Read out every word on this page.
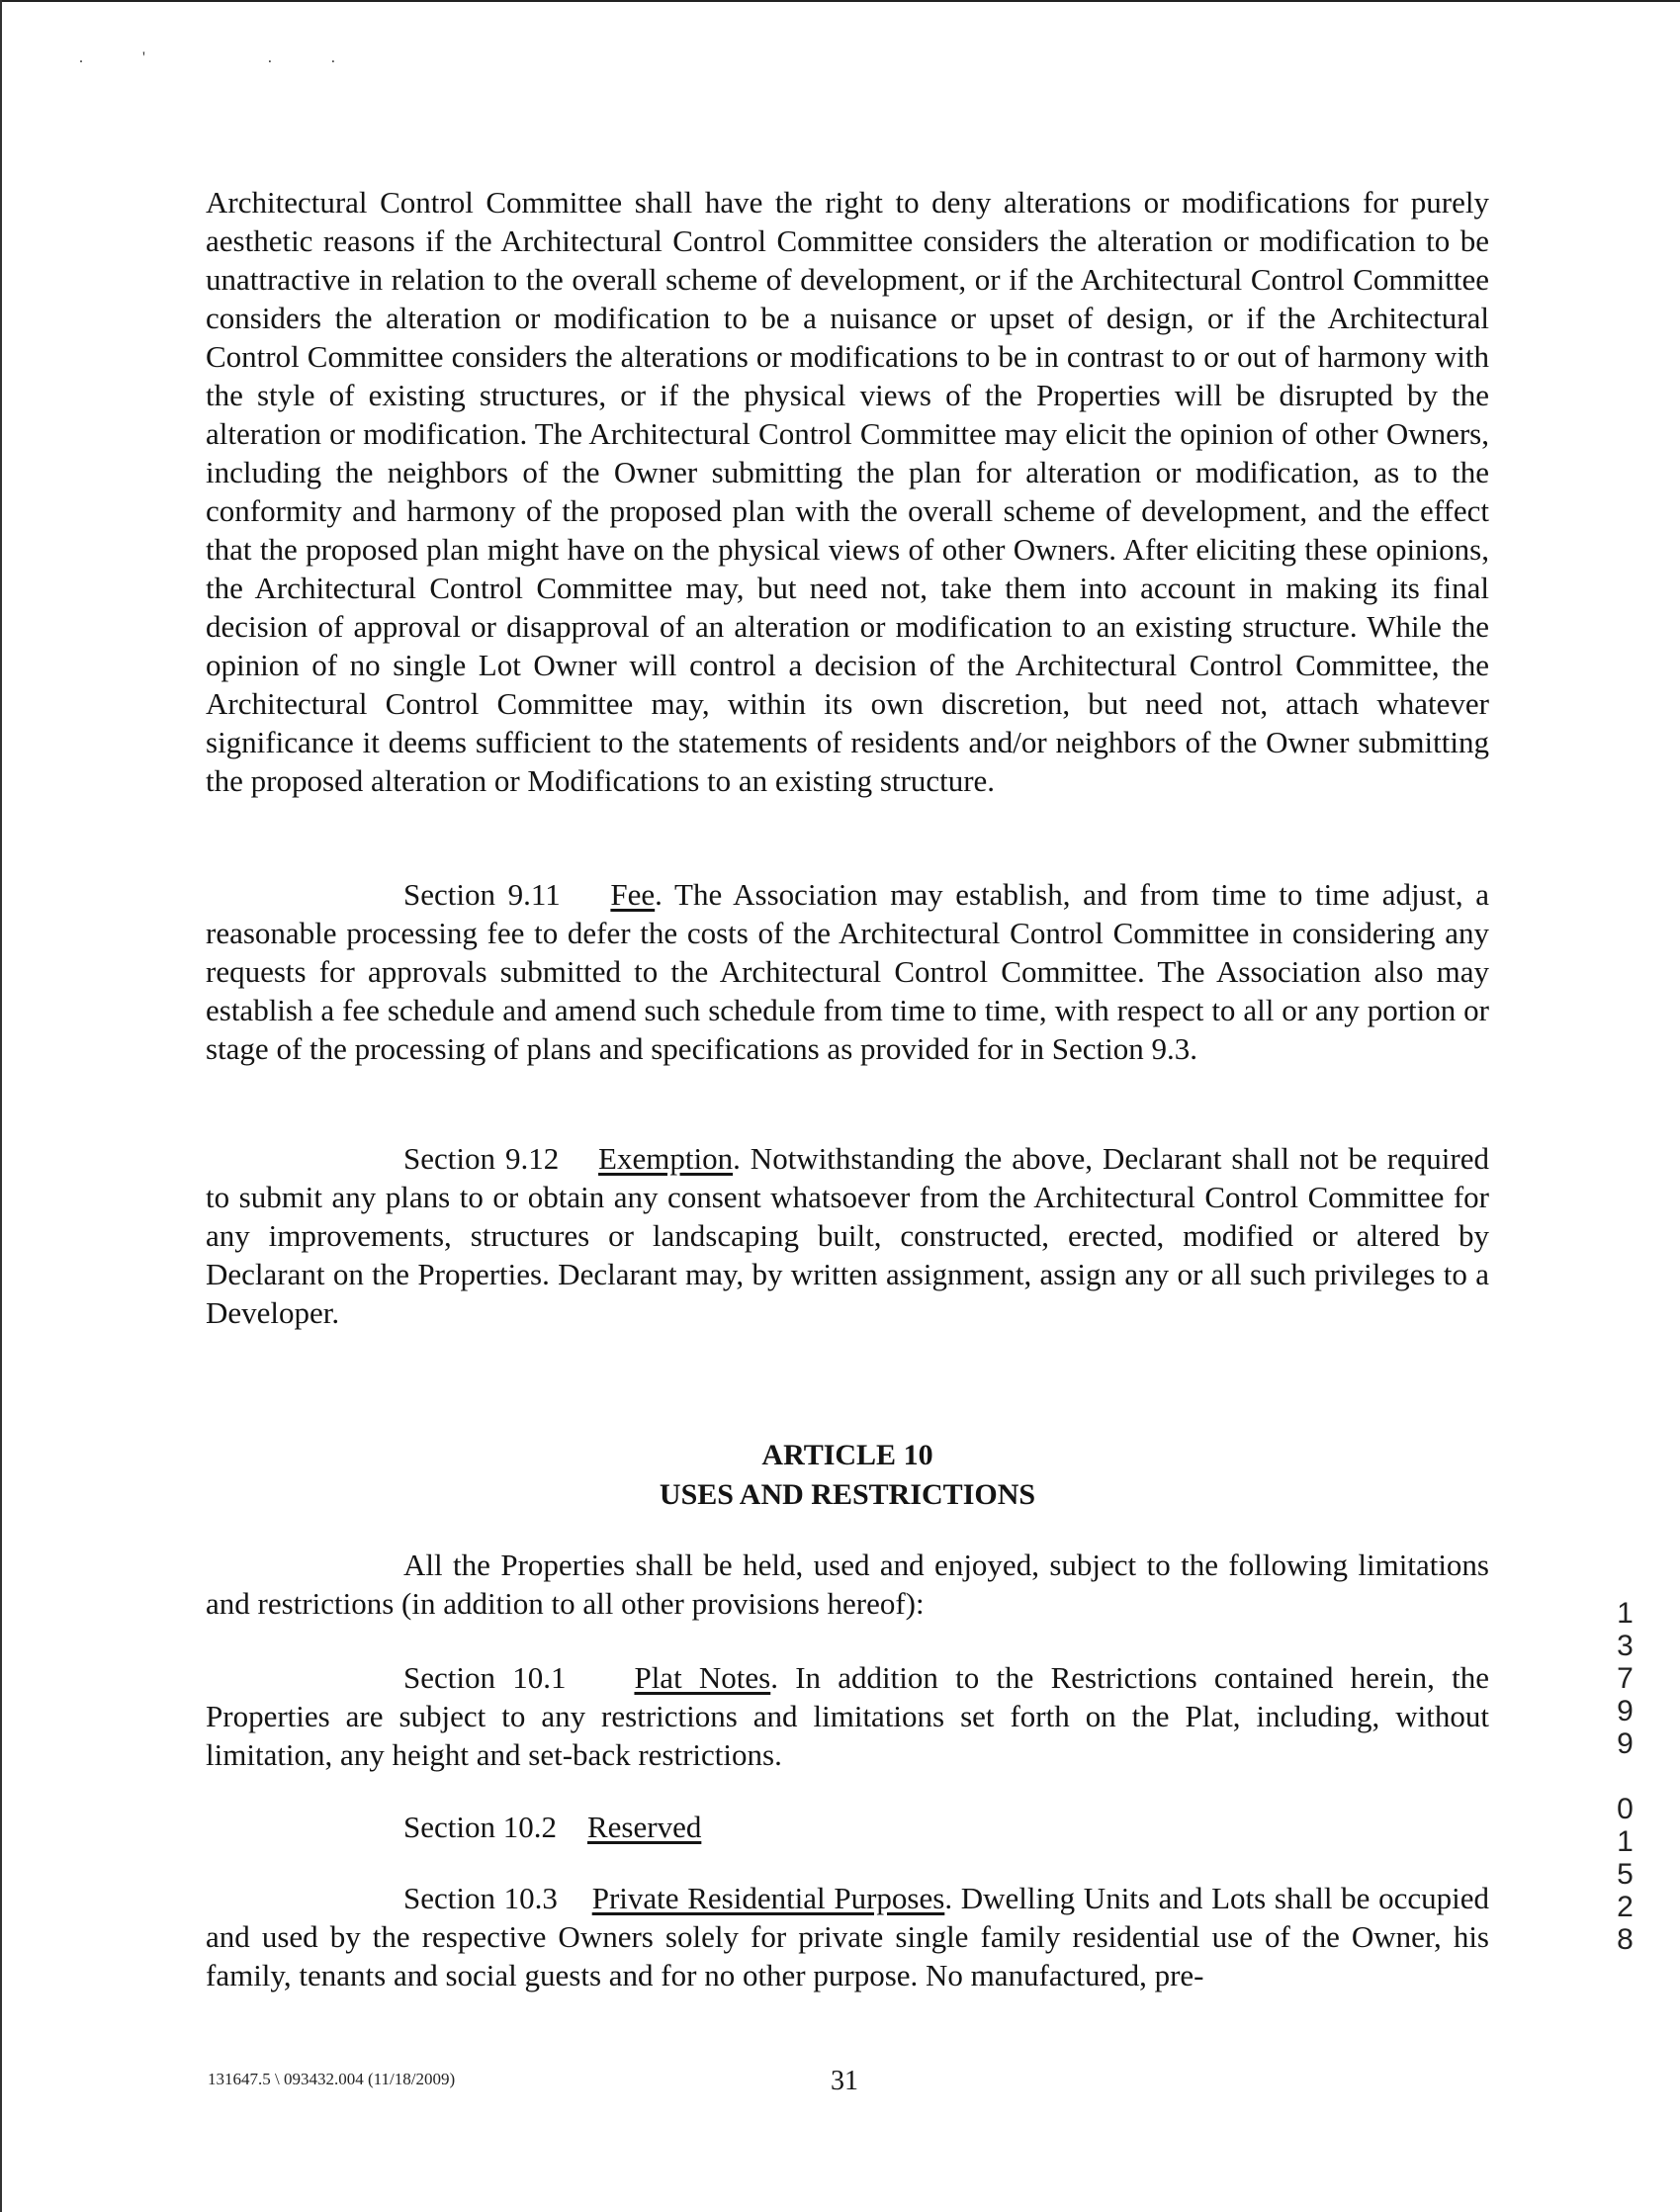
.' ..

Architectural Control Committee shall have the right to deny alterations or modifications for purely aesthetic reasons if the Architectural Control Committee considers the alteration or modification to be unattractive in relation to the overall scheme of development, or if the Architectural Control Committee considers the alteration or modification to be a nuisance or upset of design, or if the Architectural Control Committee considers the alterations or modifications to be in contrast to or out of harmony with the style of existing structures, or if the physical views of the Properties will be disrupted by the alteration or modification. The Architectural Control Committee may elicit the opinion of other Owners, including the neighbors of the Owner submitting the plan for alteration or modification, as to the conformity and harmony of the proposed plan with the overall scheme of development, and the effect that the proposed plan might have on the physical views of other Owners. After eliciting these opinions, the Architectural Control Committee may, but need not, take them into account in making its final decision of approval or disapproval of an alteration or modification to an existing structure. While the opinion of no single Lot Owner will control a decision of the Architectural Control Committee, the Architectural Control Committee may, within its own discretion, but need not, attach whatever significance it deems sufficient to the statements of residents and/or neighbors of the Owner submitting the proposed alteration or Modifications to an existing structure.

Section 9.11 Fee. The Association may establish, and from time to time adjust, a reasonable processing fee to defer the costs of the Architectural Control Committee in considering any requests for approvals submitted to the Architectural Control Committee. The Association also may establish a fee schedule and amend such schedule from time to time, with respect to all or any portion or stage of the processing of plans and specifications as provided for in Section 9.3.

Section 9.12 Exemption. Notwithstanding the above, Declarant shall not be required to submit any plans to or obtain any consent whatsoever from the Architectural Control Committee for any improvements, structures or landscaping built, constructed, erected, modified or altered by Declarant on the Properties. Declarant may, by written assignment, assign any or all such privileges to a Developer.

ARTICLE 10
USES AND RESTRICTIONS

All the Properties shall be held, used and enjoyed, subject to the following limitations and restrictions (in addition to all other provisions hereof):

Section 10.1 Plat Notes. In addition to the Restrictions contained herein, the Properties are subject to any restrictions and limitations set forth on the Plat, including, without limitation, any height and set-back restrictions.

Section 10.2 Reserved

Section 10.3 Private Residential Purposes. Dwelling Units and Lots shall be occupied and used by the respective Owners solely for private single family residential use of the Owner, his family, tenants and social guests and for no other purpose. No manufactured, pre-

131647.5 \ 093432.004 (11/18/2009)	31
13799 01528
